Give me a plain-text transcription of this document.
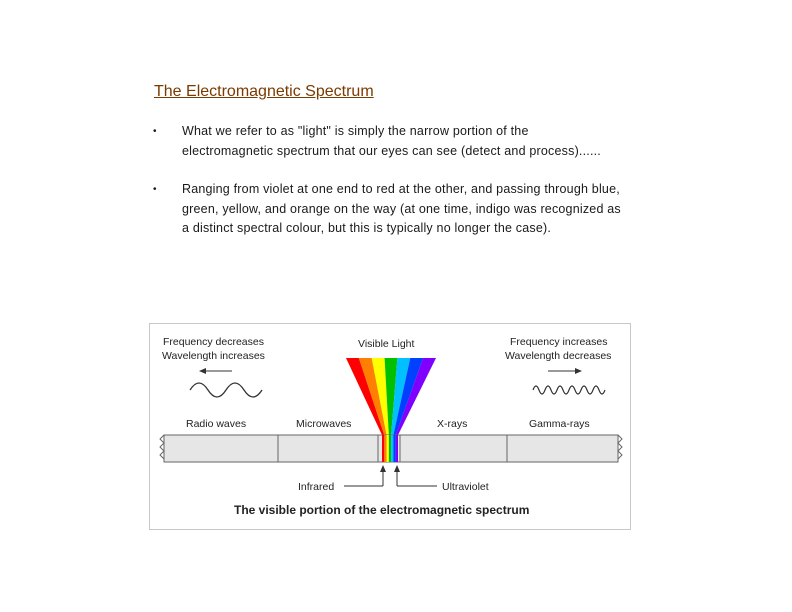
The Electromagnetic Spectrum
• What we refer to as "light" is simply the narrow portion of the electromagnetic spectrum that our eyes can see (detect and process)......
• Ranging from violet at one end to red at the other, and passing through blue, green, yellow, and orange on the way (at one time, indigo was recognized as a distinct spectral colour, but this is typically no longer the case).
Frequency decreases
Wavelength increases
Visible Light	Frequency increases
Wavelength decreases
Radio waves	Microwaves	X-rays	Gamma-rays
Infrared	Ultraviolet
The visible portion of the electromagnetic spectrum
